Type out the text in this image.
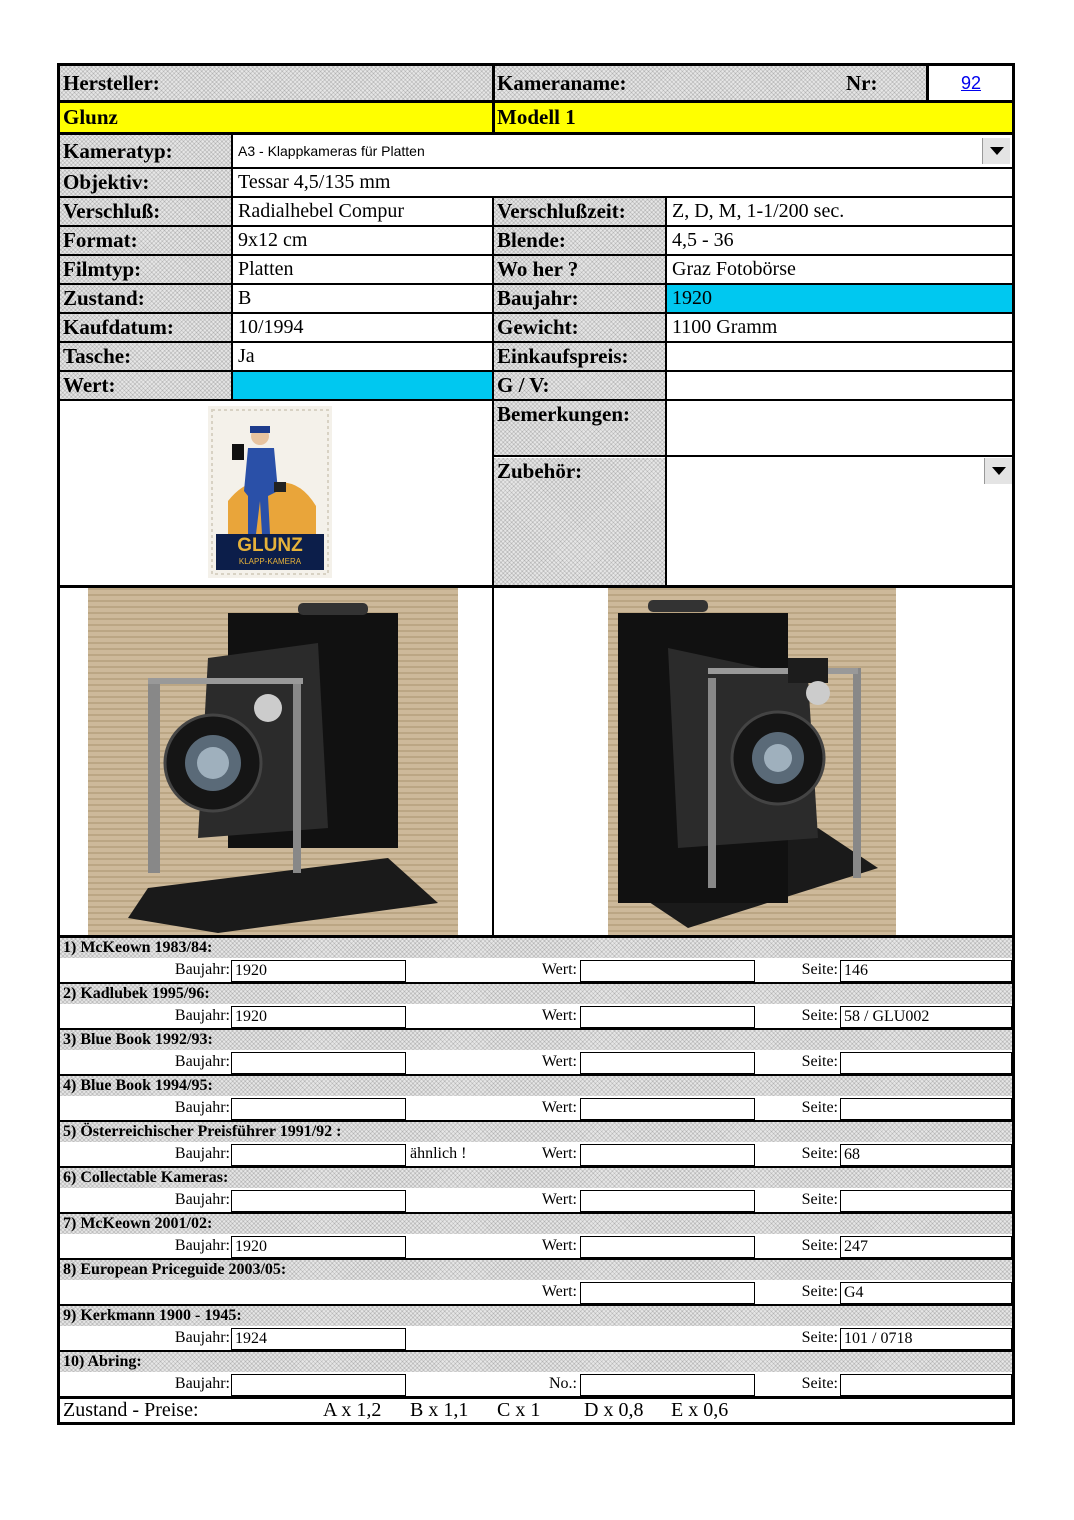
Hersteller:	Kameraname:	Nr:	92
Glunz	Modell 1
Kameratyp:	A3 - Klappkameras für Platten
Objektiv:	Tessar 4,5/135 mm
Verschluß:	Radialhebel Compur
Format:	9x12 cm
Filmtyp:	Platten
Zustand:	B
Kaufdatum:	10/1994
Tasche:	Ja
Wert:
Verschlußzeit:	Z, D, M, 1-1/200 sec.
Blende:	4,5 - 36
Wo her ?	Graz Fotobörse
Baujahr:	1920
Gewicht:	1100 Gramm
Einkaufspreis:
G / V:
Bemerkungen:
Zubehör:
GLUNZ
KLAPP-KAMERA
1) McKeown 1983/84:
Baujahr: 1920	Wert:	Seite: 146
2) Kadlubek 1995/96:
Baujahr: 1920	Wert:	Seite: 58 / GLU002
3) Blue Book 1992/93:
Baujahr:	Wert:	Seite:
4) Blue Book 1994/95:
Baujahr:	Wert:	Seite:
5) Österreichischer Preisführer 1991/92 :
Baujahr:	ähnlich !	Wert:	Seite: 68
6) Collectable Kameras:
Baujahr:	Wert:	Seite:
7) McKeown 2001/02:
Baujahr: 1920	Wert:	Seite: 247
8) European Priceguide 2003/05:
Wert:	Seite: G4
9) Kerkmann 1900 - 1945:
Baujahr: 1924	Seite: 101 / 0718
10) Abring:
Baujahr:	No.:	Seite:
Zustand - Preise:	A x 1,2 B x 1,1 C x 1 D x 0,8 E x 0,6
